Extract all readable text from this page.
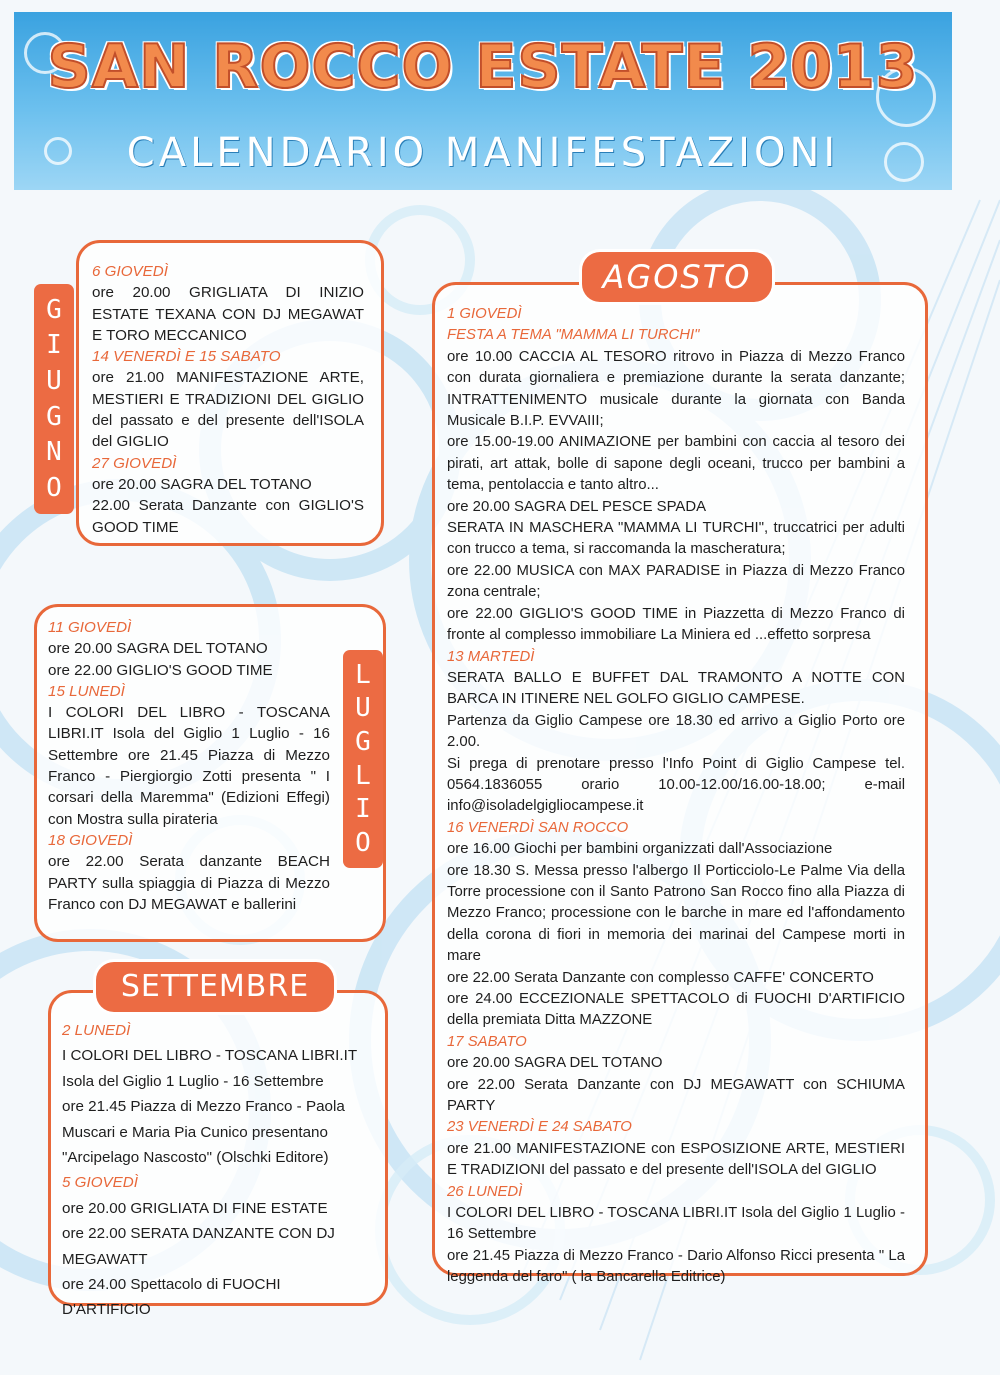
SAN ROCCO ESTATE 2013
CALENDARIO MANIFESTAZIONI
G
I
U
G
N
O

6 GIOVEDÌ

ore 20.00 GRIGLIATA DI INIZIO ESTATE TEXANA CON DJ MEGAWAT E TORO MECCANICO

14 VENERDÌ E 15 SABATO

ore 21.00 MANIFESTAZIONE ARTE, MESTIERI E TRADIZIONI DEL GIGLIO del passato e del presente dell'ISOLA del GIGLIO

27 GIOVEDÌ

ore 20.00 SAGRA DEL TOTANO

22.00 Serata Danzante con GIGLIO'S GOOD TIME

L
U
G
L
I
O

11 GIOVEDÌ

ore 20.00 SAGRA DEL TOTANO

ore 22.00 GIGLIO'S GOOD TIME

15 LUNEDÌ

I COLORI DEL LIBRO - TOSCANA LIBRI.IT Isola del Giglio 1 Luglio - 16 Settembre ore 21.45 Piazza di Mezzo Franco - Piergiorgio Zotti presenta " I corsari della Maremma" (Edizioni Effegi) con Mostra sulla pirateria

18 GIOVEDÌ

ore 22.00 Serata danzante BEACH PARTY sulla spiaggia di Piazza di Mezzo Franco con DJ MEGAWAT e ballerini

SETTEMBRE

2 LUNEDÌ

I COLORI DEL LIBRO - TOSCANA LIBRI.IT

Isola del Giglio 1 Luglio - 16 Settembre

ore 21.45 Piazza di Mezzo Franco - Paola Muscari e Maria Pia Cunico presentano "Arcipelago Nascosto" (Olschki Editore)

5 GIOVEDÌ

ore 20.00 GRIGLIATA DI FINE ESTATE

ore 22.00 SERATA DANZANTE CON DJ MEGAWATT

ore 24.00 Spettacolo di FUOCHI D'ARTIFICIO

AGOSTO

1 GIOVEDÌ

FESTA A TEMA "MAMMA LI TURCHI"

ore 10.00 CACCIA AL TESORO ritrovo in Piazza di Mezzo Franco con durata giornaliera e premiazione durante la serata danzante; INTRATTENIMENTO musicale durante la giornata con Banda Musicale B.I.P. EVVAIII;

ore 15.00-19.00 ANIMAZIONE per bambini con caccia al tesoro dei pirati, art attak, bolle di sapone degli oceani, trucco per bambini a tema, pentolaccia e tanto altro...

ore 20.00 SAGRA DEL PESCE SPADA

SERATA IN MASCHERA "MAMMA LI TURCHI", truccatrici per adulti con trucco a tema, si raccomanda la mascheratura;

ore 22.00 MUSICA con MAX PARADISE in Piazza di Mezzo Franco zona centrale;

ore 22.00 GIGLIO'S GOOD TIME in Piazzetta di Mezzo Franco di fronte al complesso immobiliare La Miniera ed ...effetto sorpresa

13 MARTEDÌ

SERATA BALLO E BUFFET DAL TRAMONTO A NOTTE CON BARCA IN ITINERE NEL GOLFO GIGLIO CAMPESE.

Partenza da Giglio Campese ore 18.30 ed arrivo a Giglio Porto ore 2.00.

Si prega di prenotare presso l'Info Point di Giglio Campese tel. 0564.1836055 orario 10.00-12.00/16.00-18.00; e-mail info@isoladelgigliocampese.it

16 VENERDÌ SAN ROCCO

ore 16.00 Giochi per bambini organizzati dall'Associazione

ore 18.30 S. Messa presso l'albergo Il Porticciolo-Le Palme Via della Torre processione con il Santo Patrono San Rocco fino alla Piazza di Mezzo Franco; processione con le barche in mare ed l'affondamento della corona di fiori in memoria dei marinai del Campese morti in mare

ore 22.00 Serata Danzante con complesso CAFFE' CONCERTO

ore 24.00 ECCEZIONALE SPETTACOLO di FUOCHI D'ARTIFICIO della premiata Ditta MAZZONE

17 SABATO

ore 20.00 SAGRA DEL TOTANO

ore 22.00 Serata Danzante con DJ MEGAWATT con SCHIUMA PARTY

23 VENERDÌ E 24 SABATO

ore 21.00 MANIFESTAZIONE con ESPOSIZIONE ARTE, MESTIERI E TRADIZIONI del passato e del presente dell'ISOLA del GIGLIO

26 LUNEDÌ

I COLORI DEL LIBRO - TOSCANA LIBRI.IT Isola del Giglio 1 Luglio - 16 Settembre

ore 21.45 Piazza di Mezzo Franco - Dario Alfonso Ricci presenta " La leggenda del faro" ( la Bancarella Editrice)
